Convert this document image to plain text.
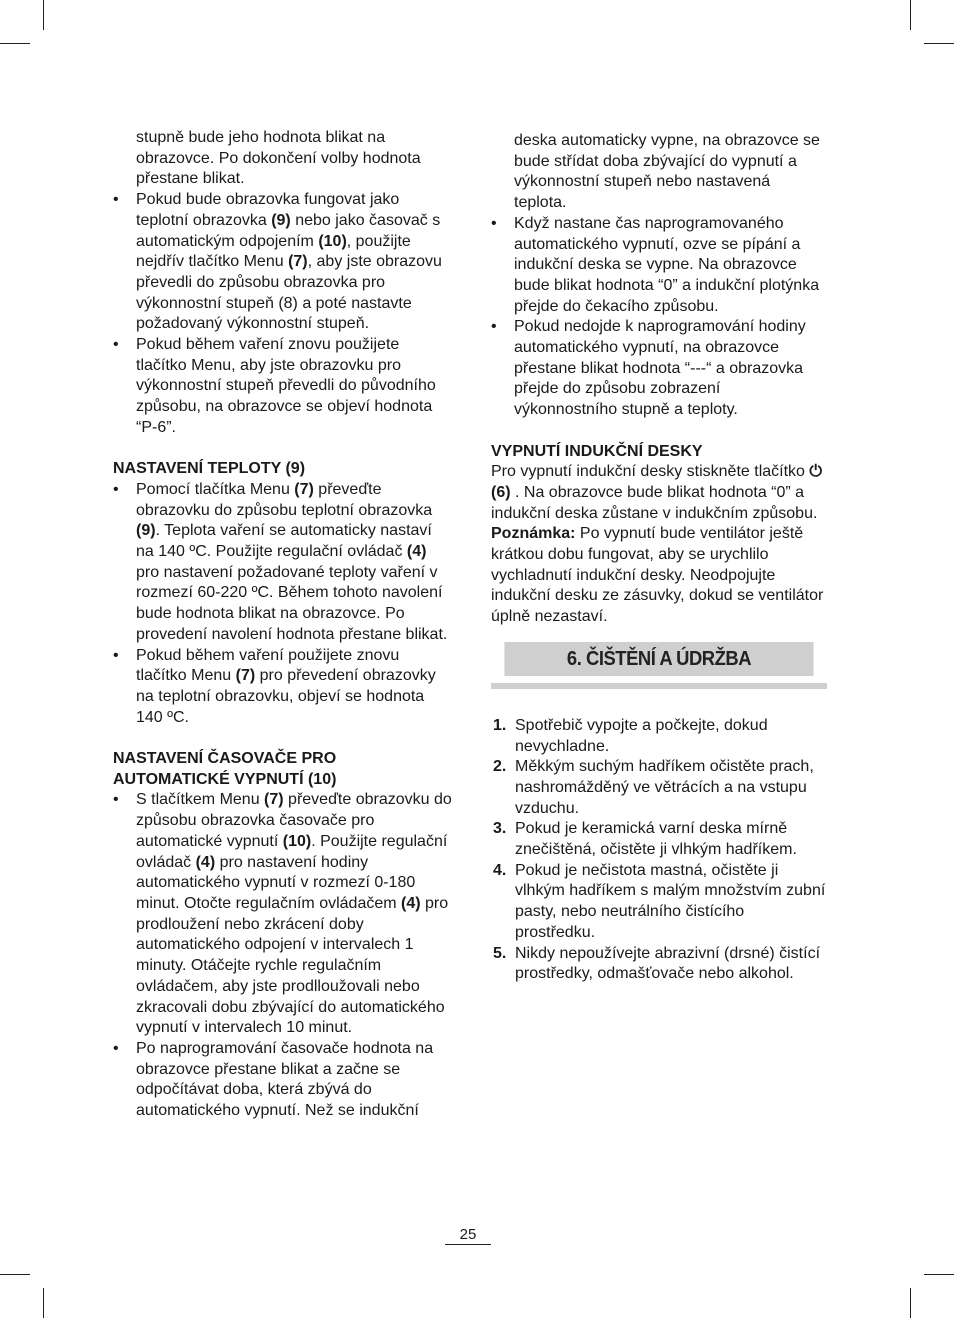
stupně bude jeho hodnota blikat na obrazovce. Po dokončení volby hodnota přestane blikat.

• Pokud bude obrazovka fungovat jako teplotní obrazovka (9) nebo jako časovač s automatickým odpojením (10), použijte nejdřív tlačítko Menu (7), aby jste obrazovu převedli do způsobu obrazovka pro výkonnostní stupeň (8) a poté nastavte požadovaný výkonnostní stupeň.

• Pokud během vaření znovu použijete tlačítko Menu, aby jste obrazovku pro výkonnostní stupeň převedli do původního způsobu, na obrazovce se objeví hodnota “P-6”.

NASTAVENÍ TEPLOTY (9)

• Pomocí tlačítka Menu (7) převeďte obrazovku do způsobu teplotní obrazovka (9). Teplota vaření se automaticky nastaví na 140 ºC. Použijte regulační ovládač (4) pro nastavení požadované teploty vaření v rozmezí 60-220 ºC. Během tohoto navolení bude hodnota blikat na obrazovce. Po provedení navolení hodnota přestane blikat.

• Pokud během vaření použijete znovu tlačítko Menu (7) pro převedení obrazovky na teplotní obrazovku, objeví se hodnota 140 ºC.

NASTAVENÍ ČASOVAČE PRO AUTOMATICKÉ VYPNUTÍ (10)

• S tlačítkem Menu (7) převeďte obrazovku do způsobu obrazovka časovače pro automatické vypnutí (10). Použijte regulační ovládač (4) pro nastavení hodiny automatického vypnutí v rozmezí 0-180 minut. Otočte regulačním ovládačem (4) pro prodloužení nebo zkrácení doby automatického odpojení v intervalech 1 minuty. Otáčejte rychle regulačním ovládačem, aby jste prodlloužovali nebo zkracovali dobu zbývající do automatického vypnutí v intervalech 10 minut.

• Po naprogramování časovače hodnota na obrazovce přestane blikat a začne se odpočítávat doba, která zbývá do automatického vypnutí. Než se indukční

deska automaticky vypne, na obrazovce se bude střídat doba zbývající do vypnutí a výkonnostní stupeň nebo nastavená teplota.

• Když nastane čas naprogramovaného automatického vypnutí, ozve se pípání a indukční deska se vypne. Na obrazovce bude blikat hodnota “0” a indukční plotýnka přejde do čekacího způsobu.

• Pokud nedojde k naprogramování hodiny automatického vypnutí, na obrazovce přestane blikat hodnota “---“ a obrazovka přejde do způsobu zobrazení výkonnostního stupně a teploty.

VYPNUTÍ INDUKČNÍ DESKY

Pro vypnutí indukční desky stiskněte tlačítko ⏻ (6) . Na obrazovce bude blikat hodnota “0” a indukční deska zůstane v indukčním způsobu.

Poznámka: Po vypnutí bude ventilátor ještě krátkou dobu fungovat, aby se urychlilo vychladnutí indukční desky. Neodpojujte indukční desku ze zásuvky, dokud se ventilátor úplně nezastaví.

6. ČIŠTĚNÍ A ÚDRŽBA
1. Spotřebič vypojte a počkejte, dokud nevychladne.
2. Měkkým suchým hadříkem očistěte prach, nashromážděný ve větrácích a na vstupu vzduchu.
3. Pokud je keramická varní deska mírně znečištěná, očistěte ji vlhkým hadříkem.
4. Pokud je nečistota mastná, očistěte ji vlhkým hadříkem s malým množstvím zubní pasty, nebo neutrálního čistícího prostředku.
5. Nikdy nepoužívejte abrazivní (drsné) čistící prostředky, odmašťovače nebo alkohol.
25
